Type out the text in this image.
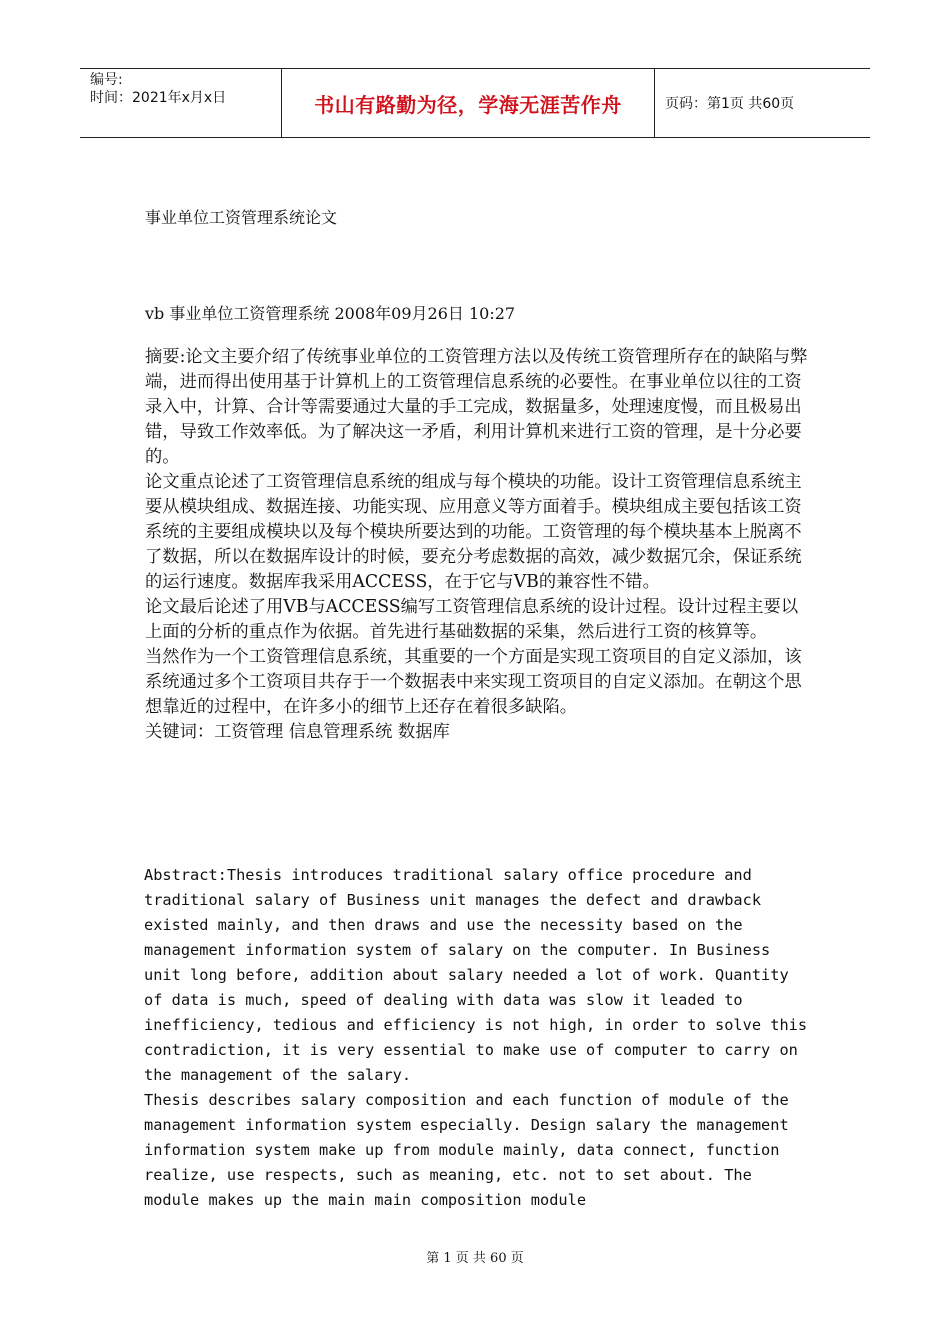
编号:
时间：2021年x月x日	书山有路勤为径，学海无涯苦作舟	页码：第1页 共60页
事业单位工资管理系统论文
vb 事业单位工资管理系统 2008年09月26日 10:27

摘要:论文主要介绍了传统事业单位的工资管理方法以及传统工资管理所存在的缺陷与弊端，进而得出使用基于计算机上的工资管理信息系统的必要性。在事业单位以往的工资录入中，计算、合计等需要通过大量的手工完成，数据量多，处理速度慢，而且极易出错，导致工作效率低。为了解决这一矛盾，利用计算机来进行工资的管理，是十分必要的。

论文重点论述了工资管理信息系统的组成与每个模块的功能。设计工资管理信息系统主要从模块组成、数据连接、功能实现、应用意义等方面着手。模块组成主要包括该工资系统的主要组成模块以及每个模块所要达到的功能。工资管理的每个模块基本上脱离不了数据，所以在数据库设计的时候，要充分考虑数据的高效，减少数据冗余，保证系统的运行速度。数据库我采用ACCESS，在于它与VB的兼容性不错。

论文最后论述了用VB与ACCESS编写工资管理信息系统的设计过程。设计过程主要以上面的分析的重点作为依据。首先进行基础数据的采集，然后进行工资的核算等。

当然作为一个工资管理信息系统，其重要的一个方面是实现工资项目的自定义添加，该系统通过多个工资项目共存于一个数据表中来实现工资项目的自定义添加。在朝这个思想靠近的过程中，在许多小的细节上还存在着很多缺陷。

关键词：工资管理 信息管理系统 数据库

Abstract:Thesis introduces traditional salary office procedure and traditional salary of Business unit manages the defect and drawback existed mainly, and then draws and use the necessity based on the management information system of salary on the computer. In Business unit long before, addition about salary needed a lot of work. Quantity of data is much, speed of dealing with data was slow it leaded to inefficiency, tedious and efficiency is not high, in order to solve this contradiction, it is very essential to make use of computer to carry on the management of the salary.

Thesis describes salary composition and each function of module of the management information system especially. Design salary the management information system make up from module mainly, data connect, function realize, use respects, such as meaning, etc. not to set about. The module makes up the main main composition module

第 1 页 共 60 页
